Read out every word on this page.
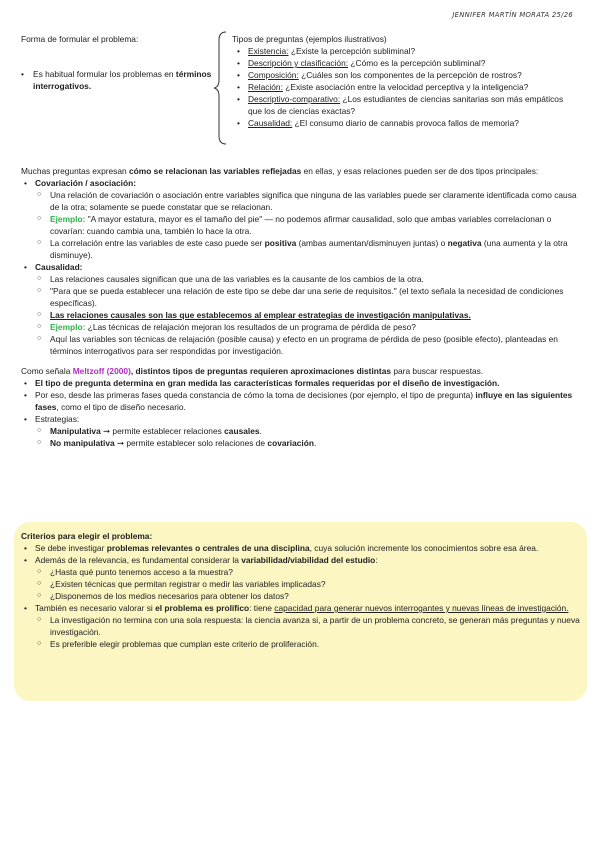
JENNIFER MARTÍN MORATA 25/26
Forma de formular el problema:
•	Es habitual formular los problemas en términos interrogativos.
Tipos de preguntas (ejemplos ilustrativos)
• Existencia: ¿Existe la percepción subliminal?
• Descripción y clasificación: ¿Cómo es la percepción subliminal?
• Composición: ¿Cuáles son los componentes de la percepción de rostros?
• Relación: ¿Existe asociación entre la velocidad perceptiva y la inteligencia?
• Descriptivo-comparativo: ¿Los estudiantes de ciencias sanitarias son más empáticos que los de ciencias exactas?
• Causalidad: ¿El consumo diario de cannabis provoca fallos de memoria?
Muchas preguntas expresan cómo se relacionan las variables reflejadas en ellas, y esas relaciones pueden ser de dos tipos principales:
• Covariación / asociación:
○ Una relación de covariación o asociación entre variables significa que ninguna de las variables puede ser claramente identificada como causa de la otra; solamente se puede constatar que se relacionan.
○ Ejemplo: "A mayor estatura, mayor es el tamaño del pie" — no podemos afirmar causalidad, solo que ambas variables correlacionan o covarían: cuando cambia una, también lo hace la otra.
○ La correlación entre las variables de este caso puede ser positiva (ambas aumentan/disminuyen juntas) o negativa (una aumenta y la otra disminuye).
• Causalidad:
○ Las relaciones causales significan que una de las variables es la causante de los cambios de la otra.
○ "Para que se pueda establecer una relación de este tipo se debe dar una serie de requisitos." (el texto señala la necesidad de condiciones específicas).
○ Las relaciones causales son las que establecemos al emplear estrategias de investigación manipulativas.
○ Ejemplo: ¿Las técnicas de relajación mejoran los resultados de un programa de pérdida de peso?
○ Aquí las variables son técnicas de relajación (posible causa) y efecto en un programa de pérdida de peso (posible efecto), planteadas en términos interrogativos para ser respondidas por investigación.
Como señala Meltzoff (2000), distintos tipos de preguntas requieren aproximaciones distintas para buscar respuestas.
• El tipo de pregunta determina en gran medida las características formales requeridas por el diseño de investigación.
• Por eso, desde las primeras fases queda constancia de cómo la toma de decisiones (por ejemplo, el tipo de pregunta) influye en las siguientes fases, como el tipo de diseño necesario.
• Estrategias:
○ Manipulativa ➞ permite establecer relaciones causales.
○ No manipulativa ➞ permite establecer solo relaciones de covariación.
Criterios para elegir el problema:
• Se debe investigar problemas relevantes o centrales de una disciplina, cuya solución incremente los conocimientos sobre esa área.
• Además de la relevancia, es fundamental considerar la variabilidad/viabilidad del estudio:
○ ¿Hasta qué punto tenemos acceso a la muestra?
○ ¿Existen técnicas que permitan registrar o medir las variables implicadas?
○ ¿Disponemos de los medios necesarios para obtener los datos?
• También es necesario valorar si el problema es prolífico: tiene capacidad para generar nuevos interrogantes y nuevas líneas de investigación.
○ La investigación no termina con una sola respuesta: la ciencia avanza si, a partir de un problema concreto, se generan más preguntas y nueva investigación.
○ Es preferible elegir problemas que cumplan este criterio de proliferación.
